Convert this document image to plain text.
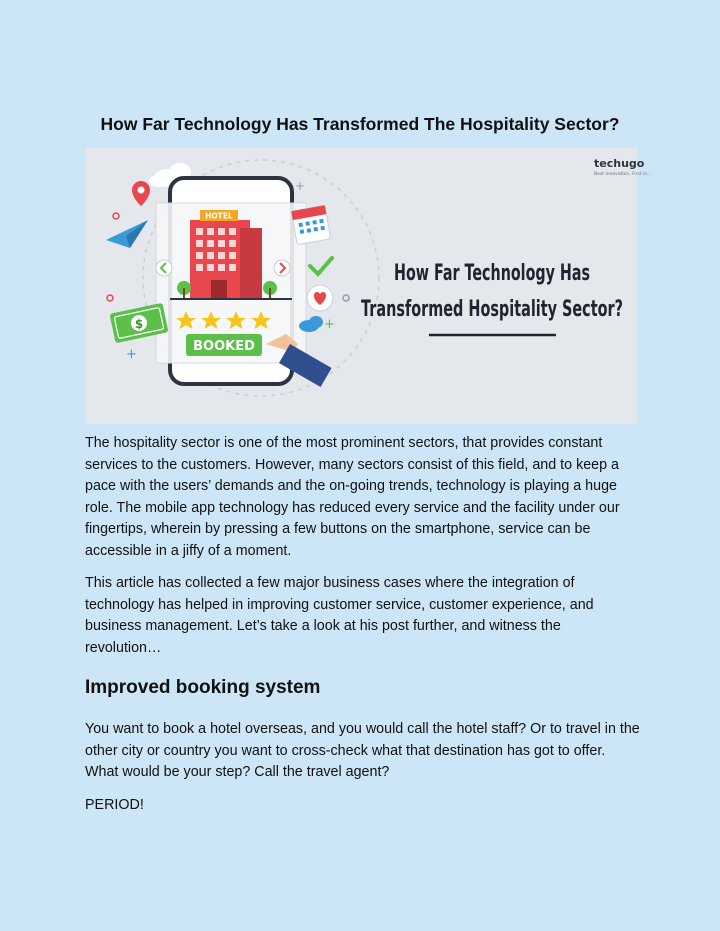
How Far Technology Has Transformed The Hospitality Sector?
+
+
+
HOTEL
BOOKED
$
techugo
Best Innovation, First in...
How Far Technology Has
Transformed Hospitality Sector?

The hospitality sector is one of the most prominent sectors, that provides constant services to the customers. However, many sectors consist of this field, and to keep a pace with the users’ demands and the on-going trends, technology is playing a huge role. The mobile app technology has reduced every service and the facility under our fingertips, wherein by pressing a few buttons on the smartphone, service can be accessible in a jiffy of a moment.

This article has collected a few major business cases where the integration of technology has helped in improving customer service, customer experience, and business management. Let’s take a look at his post further, and witness the revolution…

Improved booking system

You want to book a hotel overseas, and you would call the hotel staff? Or to travel in the other city or country you want to cross-check what that destination has got to offer. What would be your step? Call the travel agent?

PERIOD!
